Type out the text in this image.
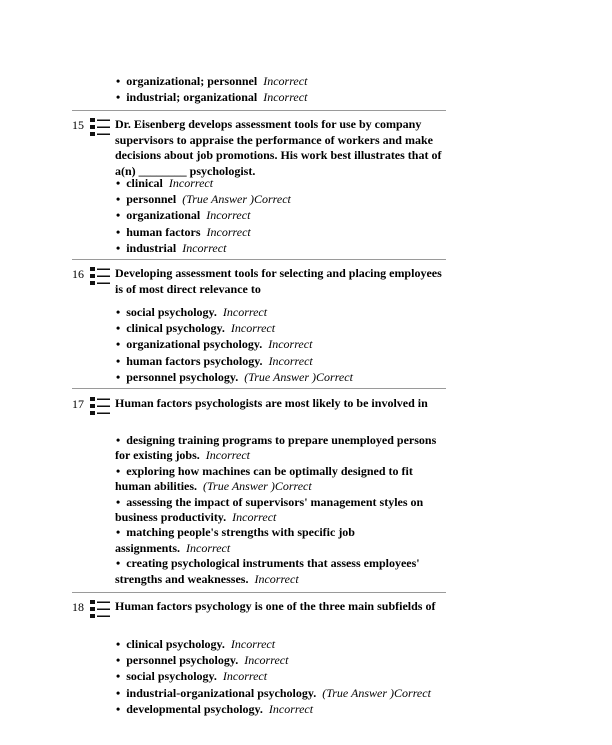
• organizational; personnel Incorrect
• industrial; organizational Incorrect
15	Dr. Eisenberg develops assessment tools for use by company supervisors to appraise the performance of workers and make decisions about job promotions. His work best illustrates that of a(n) ________ psychologist.
• clinical Incorrect
• personnel (True Answer )Correct
• organizational Incorrect
• human factors Incorrect
• industrial Incorrect
16	Developing assessment tools for selecting and placing employees is of most direct relevance to
• social psychology. Incorrect
• clinical psychology. Incorrect
• organizational psychology. Incorrect
• human factors psychology. Incorrect
• personnel psychology. (True Answer )Correct
17	Human factors psychologists are most likely to be involved in
• designing training programs to prepare unemployed persons for existing jobs. Incorrect
• exploring how machines can be optimally designed to fit human abilities. (True Answer )Correct
• assessing the impact of supervisors' management styles on business productivity. Incorrect
• matching people's strengths with specific job assignments. Incorrect
• creating psychological instruments that assess employees' strengths and weaknesses. Incorrect
18	Human factors psychology is one of the three main subfields of
• clinical psychology. Incorrect
• personnel psychology. Incorrect
• social psychology. Incorrect
• industrial-organizational psychology. (True Answer )Correct
• developmental psychology. Incorrect
